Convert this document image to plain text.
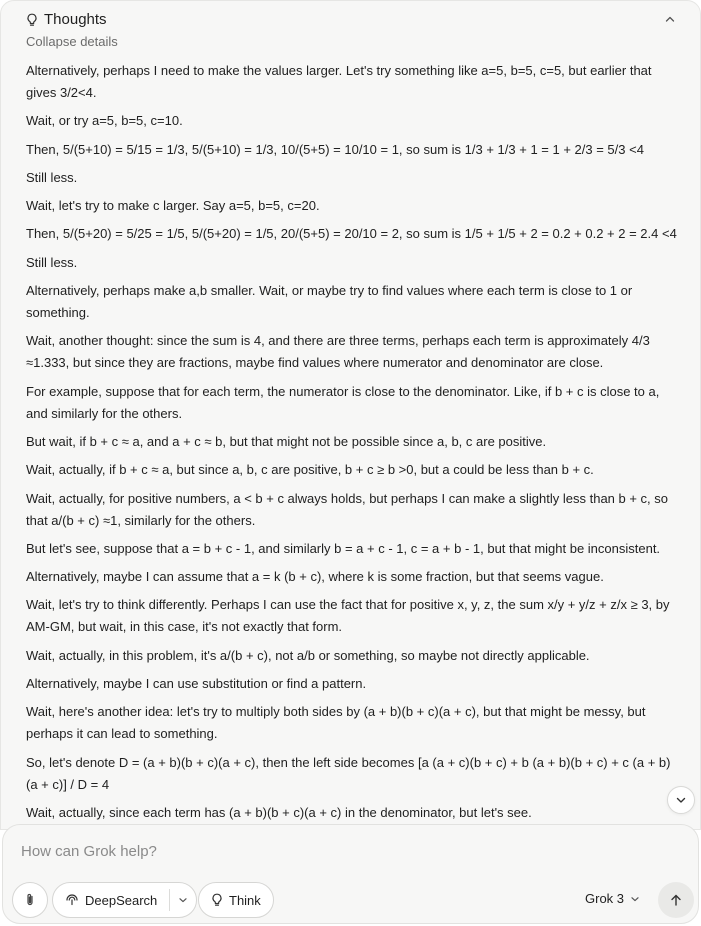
Thoughts
Collapse details

Alternatively, perhaps I need to make the values larger. Let's try something like a=5, b=5, c=5, but earlier that gives 3/2<4.

Wait, or try a=5, b=5, c=10.

Then, 5/(5+10) = 5/15 = 1/3, 5/(5+10) = 1/3, 10/(5+5) = 10/10 = 1, so sum is 1/3 + 1/3 + 1 = 1 + 2/3 = 5/3 <4

Still less.

Wait, let's try to make c larger. Say a=5, b=5, c=20.

Then, 5/(5+20) = 5/25 = 1/5, 5/(5+20) = 1/5, 20/(5+5) = 20/10 = 2, so sum is 1/5 + 1/5 + 2 = 0.2 + 0.2 + 2 = 2.4 <4

Still less.

Alternatively, perhaps make a,b smaller. Wait, or maybe try to find values where each term is close to 1 or something.

Wait, another thought: since the sum is 4, and there are three terms, perhaps each term is approximately 4/3 ≈1.333, but since they are fractions, maybe find values where numerator and denominator are close.

For example, suppose that for each term, the numerator is close to the denominator. Like, if b + c is close to a, and similarly for the others.

But wait, if b + c ≈ a, and a + c ≈ b, but that might not be possible since a, b, c are positive.

Wait, actually, if b + c ≈ a, but since a, b, c are positive, b + c ≥ b >0, but a could be less than b + c.

Wait, actually, for positive numbers, a < b + c always holds, but perhaps I can make a slightly less than b + c, so that a/(b + c) ≈1, similarly for the others.

But let's see, suppose that a = b + c - 1, and similarly b = a + c - 1, c = a + b - 1, but that might be inconsistent.

Alternatively, maybe I can assume that a = k (b + c), where k is some fraction, but that seems vague.

Wait, let's try to think differently. Perhaps I can use the fact that for positive x, y, z, the sum x/y + y/z + z/x ≥ 3, by AM-GM, but wait, in this case, it's not exactly that form.

Wait, actually, in this problem, it's a/(b + c), not a/b or something, so maybe not directly applicable.

Alternatively, maybe I can use substitution or find a pattern.

Wait, here's another idea: let's try to multiply both sides by (a + b)(b + c)(a + c), but that might be messy, but perhaps it can lead to something.

So, let's denote D = (a + b)(b + c)(a + c), then the left side becomes [a (a + c)(b + c) + b (a + b)(b + c) + c (a + b)(a + c)] / D = 4

Wait, actually, since each term has (a + b)(b + c)(a + c) in the denominator, but let's see.

How can Grok help?
DeepSearch	Think	Grok 3
